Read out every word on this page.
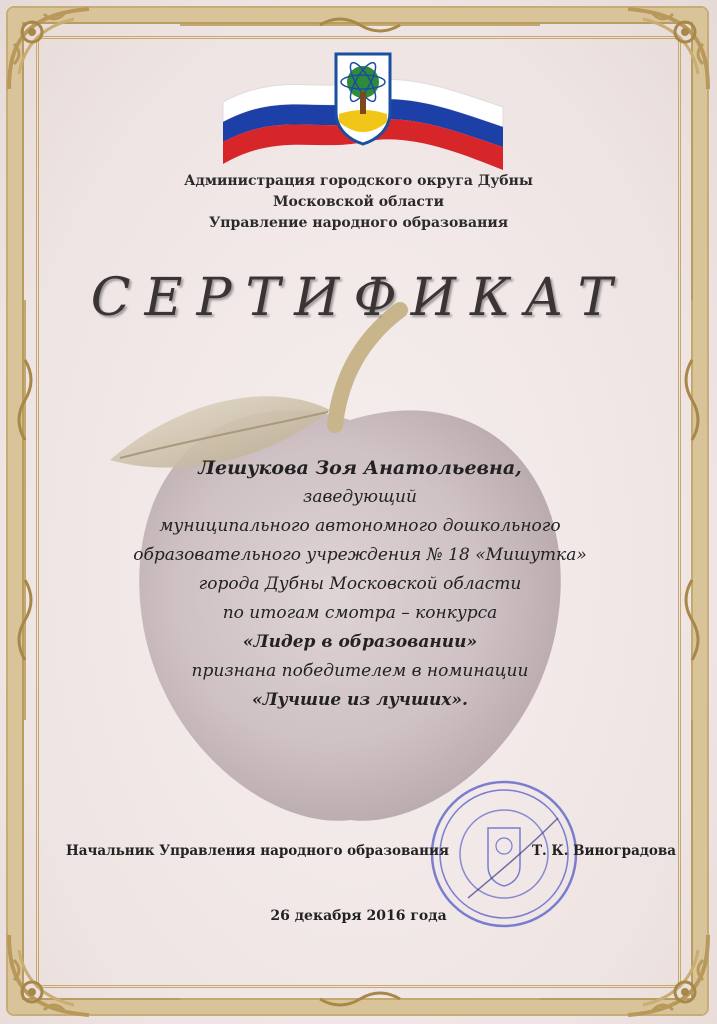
Администрация городского округа Дубны
Московской области
Управление народного образования
СЕРТИФИКАТ
Лешукова Зоя Анатольевна,
заведующий
муниципального автономного дошкольного
образовательного учреждения № 18 «Мишутка»
города Дубны Московской области
по итогам смотра – конкурса
«Лидер в образовании»
признана победителем в номинации
«Лучшие из лучших».
Начальник Управления народного образования	Т. К. Виноградова
26 декабря 2016 года
